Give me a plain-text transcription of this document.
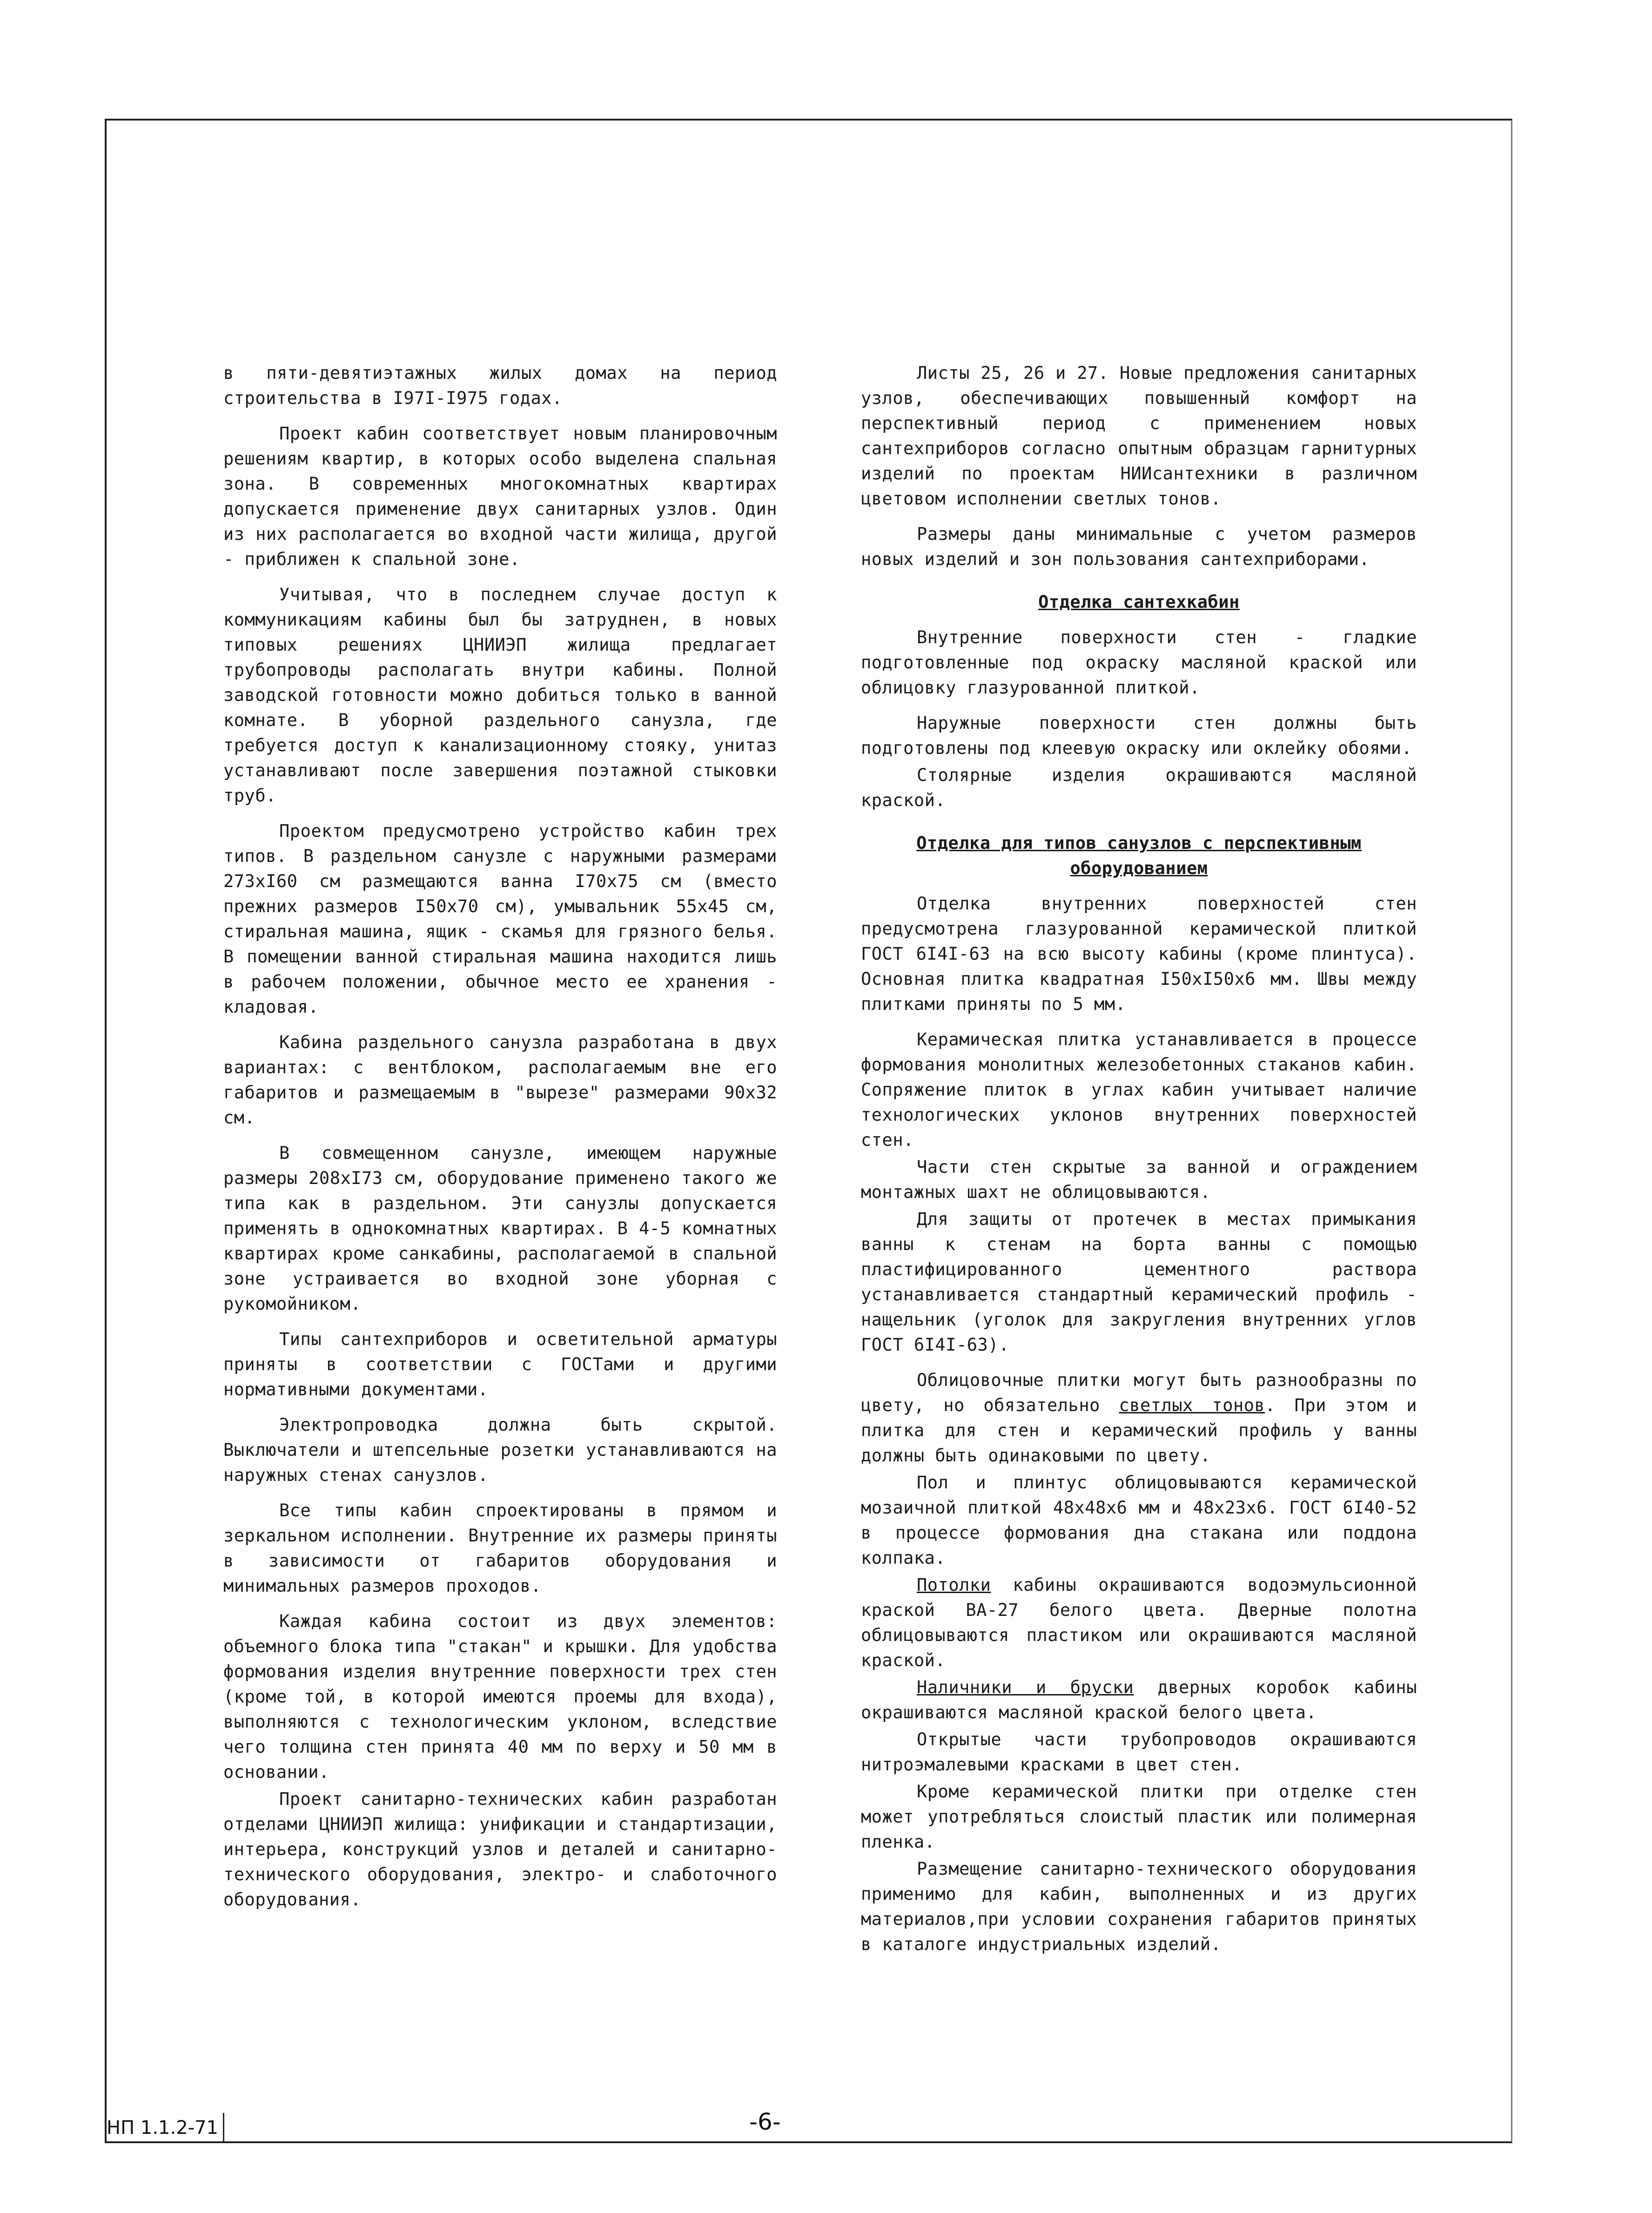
в пяти-девятиэтажных жилых домах на период строительства в I97I-I975 годах.

Проект кабин соответствует новым планировочным решениям квартир, в которых особо выделена спальная зона. В современных многокомнатных квартирах допускается применение двух санитарных узлов. Один из них располагается во входной части жилища, другой - приближен к спальной зоне.

Учитывая, что в последнем случае доступ к коммуникациям кабины был бы затруднен, в новых типовых решениях ЦНИИЭП жилища предлагает трубопроводы располагать внутри кабины. Полной заводской готовности можно добиться только в ванной комнате. В уборной раздельного санузла, где требуется доступ к канализационному стояку, унитаз устанавливают после завершения поэтажной стыковки труб.

Проектом предусмотрено устройство кабин трех типов. В раздельном санузле с наружными размерами 273хI60 см размещаются ванна I70х75 см (вместо прежних размеров I50х70 см), умывальник 55х45 см, стиральная машина, ящик - скамья для грязного белья. В помещении ванной стиральная машина находится лишь в рабочем положении, обычное место ее хранения - кладовая.

Кабина раздельного санузла разработана в двух вариантах: с вентблоком, располагаемым вне его габаритов и размещаемым в "вырезе" размерами 90х32 см.

В совмещенном санузле, имеющем наружные размеры 208хI73 см, оборудование применено такого же типа как в раздельном. Эти санузлы допускается применять в однокомнатных квартирах. В 4-5 комнатных квартирах кроме санкабины, располагаемой в спальной зоне устраивается во входной зоне уборная с рукомойником.

Типы сантехприборов и осветительной арматуры приняты в соответствии с ГОСТами и другими нормативными документами.

Электропроводка должна быть скрытой. Выключатели и штепсельные розетки устанавливаются на наружных стенах санузлов.

Все типы кабин спроектированы в прямом и зеркальном исполнении. Внутренние их размеры приняты в зависимости от габаритов оборудования и минимальных размеров проходов.

Каждая кабина состоит из двух элементов: объемного блока типа "стакан" и крышки. Для удобства формования изделия внутренние поверхности трех стен (кроме той, в которой имеются проемы для входа), выполняются с технологическим уклоном, вследствие чего толщина стен принята 40 мм по верху и 50 мм в основании.

Проект санитарно-технических кабин разработан отделами ЦНИИЭП жилища: унификации и стандартизации, интерьера, конструкций узлов и деталей и санитарно-технического оборудования, электро- и слаботочного оборудования.

Листы 25, 26 и 27. Новые предложения санитарных узлов, обеспечивающих повышенный комфорт на перспективный период с применением новых сантехприборов согласно опытным образцам гарнитурных изделий по проектам НИИсантехники в различном цветовом исполнении светлых тонов.

Размеры даны минимальные с учетом размеров новых изделий и зон пользования сантехприборами.

Отделка сантехкабин

Внутренние поверхности стен - гладкие подготовленные под окраску масляной краской или облицовку глазурованной плиткой.

Наружные поверхности стен должны быть подготовлены под клеевую окраску или оклейку обоями.

Столярные изделия окрашиваются масляной краской.

Отделка для типов санузлов с перспективным оборудованием

Отделка внутренних поверхностей стен предусмотрена глазурованной керамической плиткой ГОСТ 6I4I-63 на всю высоту кабины (кроме плинтуса). Основная плитка квадратная I50хI50х6 мм. Швы между плитками приняты по 5 мм.

Керамическая плитка устанавливается в процессе формования монолитных железобетонных стаканов кабин. Сопряжение плиток в углах кабин учитывает наличие технологических уклонов внутренних поверхностей стен.

Части стен скрытые за ванной и ограждением монтажных шахт не облицовываются.

Для защиты от протечек в местах примыкания ванны к стенам на борта ванны с помощью пластифицированного цементного раствора устанавливается стандартный керамический профиль - нащельник (уголок для закругления внутренних углов ГОСТ 6I4I-63).

Облицовочные плитки могут быть разнообразны по цвету, но обязательно светлых тонов. При этом и плитка для стен и керамический профиль у ванны должны быть одинаковыми по цвету.

Пол и плинтус облицовываются керамической мозаичной плиткой 48х48х6 мм и 48х23х6. ГОСТ 6I40-52 в процессе формования дна стакана или поддона колпака.

Потолки кабины окрашиваются водоэмульсионной краской ВА-27 белого цвета. Дверные полотна облицовываются пластиком или окрашиваются масляной краской.

Наличники и бруски дверных коробок кабины окрашиваются масляной краской белого цвета.

Открытые части трубопроводов окрашиваются нитроэмалевыми красками в цвет стен.

Кроме керамической плитки при отделке стен может употребляться слоистый пластик или полимерная пленка.

Размещение санитарно-технического оборудования применимо для кабин, выполненных и из других материалов,при условии сохранения габаритов принятых в каталоге индустриальных изделий.

НП 1.1.2-71	-6-
